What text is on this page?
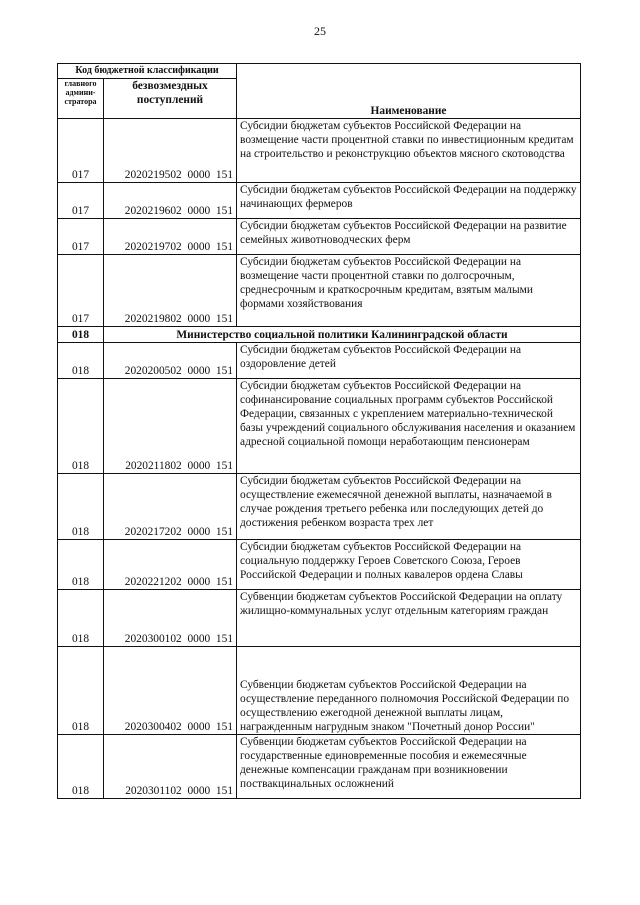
25
Код бюджетной классификации		Наименование
главного админи-стратора	безвозмездных поступлений	
017	2020219502 0000 151	Субсидии бюджетам субъектов Российской Федерации на возмещение части процентной ставки по инвестиционным кредитам на строительство и реконструкцию объектов мясного скотоводства
017	2020219602 0000 151	Субсидии бюджетам субъектов Российской Федерации на поддержку начинающих фермеров
017	2020219702 0000 151	Субсидии бюджетам субъектов Российской Федерации на развитие семейных животноводческих ферм
017	2020219802 0000 151	Субсидии бюджетам субъектов Российской Федерации на возмещение части процентной ставки по долгосрочным, среднесрочным и краткосрочным кредитам, взятым малыми формами хозяйствования
018	Министерство социальной политики Калининградской области	
018	2020200502 0000 151	Субсидии бюджетам субъектов Российской Федерации на оздоровление детей
018	2020211802 0000 151	Субсидии бюджетам субъектов Российской Федерации на софинансирование социальных программ субъектов Российской Федерации, связанных с укреплением материально-технической базы учреждений социального обслуживания населения и оказанием адресной социальной помощи неработающим пенсионерам
018	2020217202 0000 151	Субсидии бюджетам субъектов Российской Федерации на осуществление ежемесячной денежной выплаты, назначаемой в случае рождения третьего ребенка или последующих детей до достижения ребенком возраста трех лет
018	2020221202 0000 151	Субсидии бюджетам субъектов Российской Федерации на социальную поддержку Героев Советского Союза, Героев Российской Федерации и полных кавалеров ордена Славы
018	2020300102 0000 151	Субвенции бюджетам субъектов Российской Федерации на оплату жилищно-коммунальных услуг отдельным категориям граждан
018	2020300402 0000 151	Субвенции бюджетам субъектов Российской Федерации на осуществление переданного полномочия Российской Федерации по осуществлению ежегодной денежной выплаты лицам, награжденным нагрудным знаком "Почетный донор России"
018	2020301102 0000 151	Субвенции бюджетам субъектов Российской Федерации на государственные единовременные пособия и ежемесячные денежные компенсации гражданам при возникновении поствакцинальных осложнений
